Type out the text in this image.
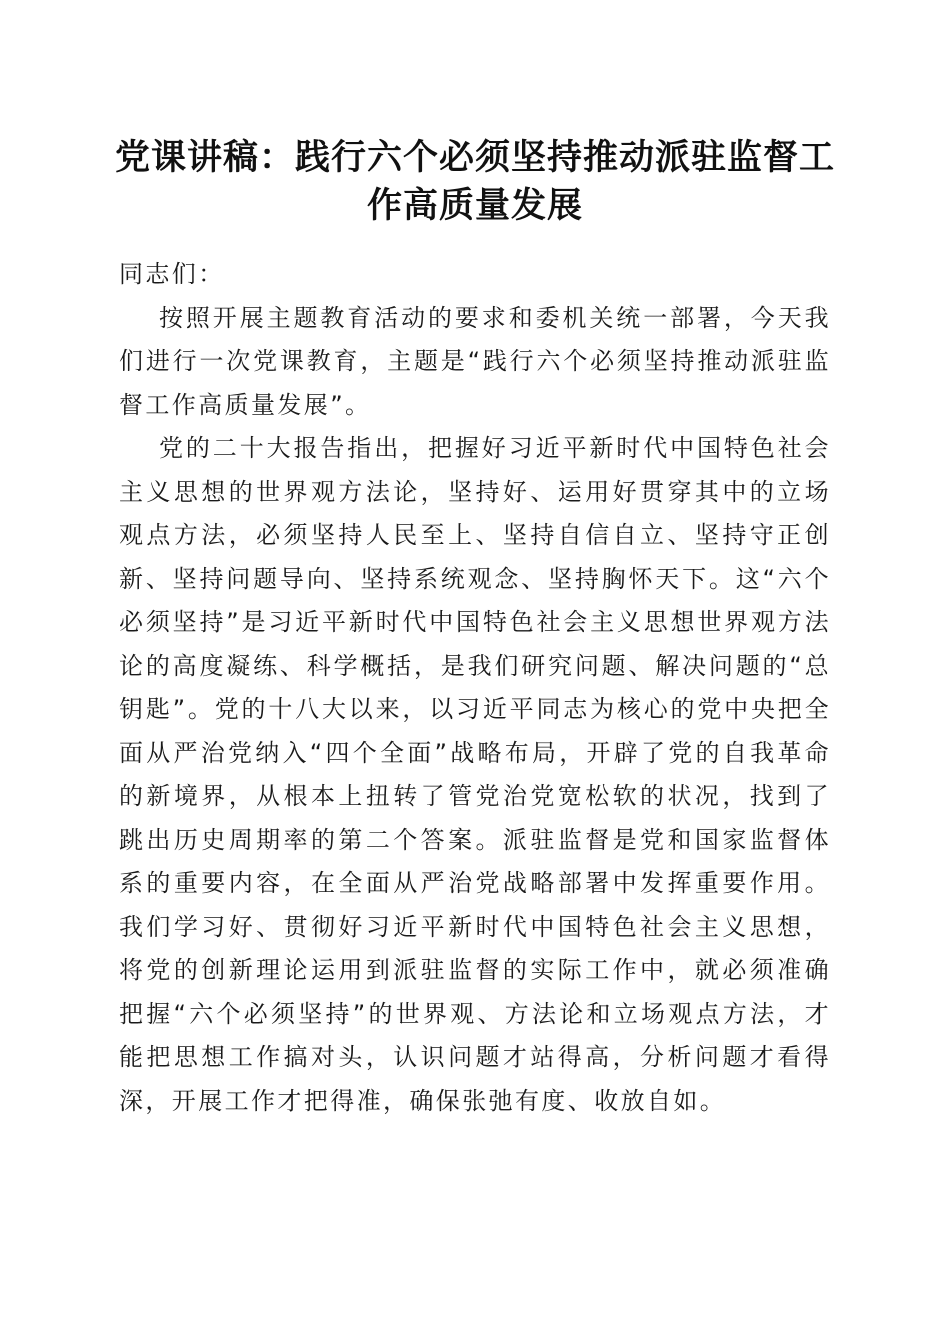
党课讲稿：践行六个必须坚持推动派驻监督工
作高质量发展

同志们：

按照开展主题教育活动的要求和委机关统一部署，今天我们进行一次党课教育，主题是“践行六个必须坚持推动派驻监督工作高质量发展”。

党的二十大报告指出，把握好习近平新时代中国特色社会主义思想的世界观方法论，坚持好、运用好贯穿其中的立场观点方法，必须坚持人民至上、坚持自信自立、坚持守正创新、坚持问题导向、坚持系统观念、坚持胸怀天下。这“六个必须坚持”是习近平新时代中国特色社会主义思想世界观方法论的高度凝练、科学概括，是我们研究问题、解决问题的“总钥匙”。党的十八大以来，以习近平同志为核心的党中央把全面从严治党纳入“四个全面”战略布局，开辟了党的自我革命的新境界，从根本上扭转了管党治党宽松软的状况，找到了跳出历史周期率的第二个答案。派驻监督是党和国家监督体系的重要内容，在全面从严治党战略部署中发挥重要作用。我们学习好、贯彻好习近平新时代中国特色社会主义思想，将党的创新理论运用到派驻监督的实际工作中，就必须准确把握“六个必须坚持”的世界观、方法论和立场观点方法，才能把思想工作搞对头，认识问题才站得高，分析问题才看得深，开展工作才把得准，确保张弛有度、收放自如。
